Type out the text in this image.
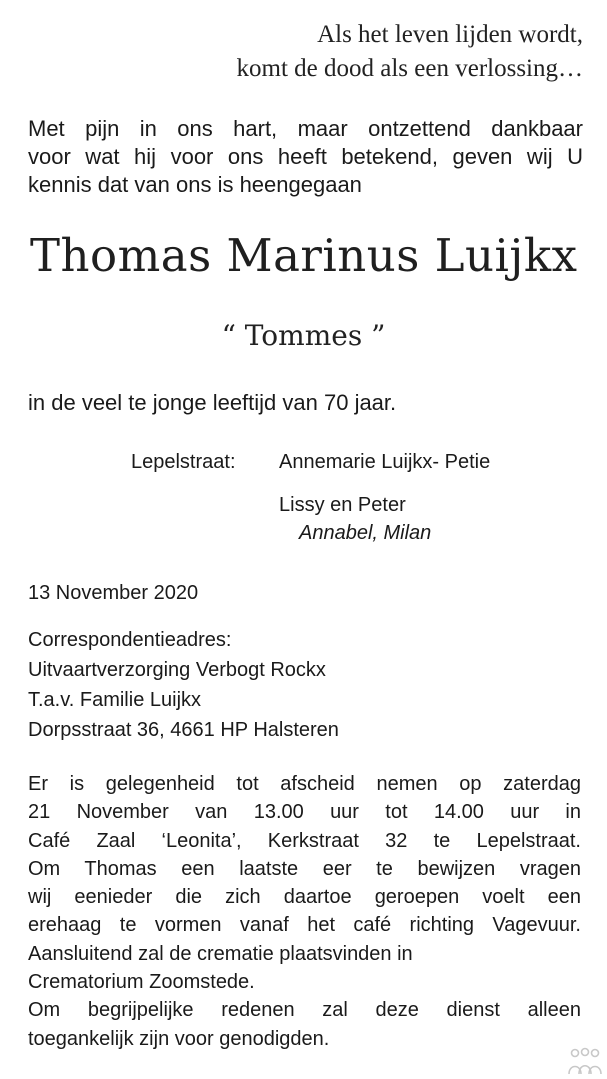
Als het leven lijden wordt,
komt de dood als een verlossing…
Met pijn in ons hart, maar ontzettend dankbaar
voor wat hij voor ons heeft betekend, geven wij U
kennis dat van ons is heengegaan
Thomas Marinus Luijkx
“ Tommes ”
in de veel te jonge leeftijd van 70 jaar.
Lepelstraat: Annemarie Luijkx- Petie
Lissy en Peter
Annabel, Milan
13 November 2020
Correspondentieadres:
Uitvaartverzorging Verbogt Rockx
T.a.v. Familie Luijkx
Dorpsstraat 36, 4661 HP Halsteren
Er is gelegenheid tot afscheid nemen op zaterdag
21 November van 13.00 uur tot 14.00 uur in
Café Zaal ‘Leonita’, Kerkstraat 32 te Lepelstraat.
Om Thomas een laatste eer te bewijzen vragen
wij eenieder die zich daartoe geroepen voelt een
erehaag te vormen vanaf het café richting Vagevuur.
Aansluitend zal de crematie plaatsvinden in
Crematorium Zoomstede.
Om begrijpelijke redenen zal deze dienst alleen
toegankelijk zijn voor genodigden.
